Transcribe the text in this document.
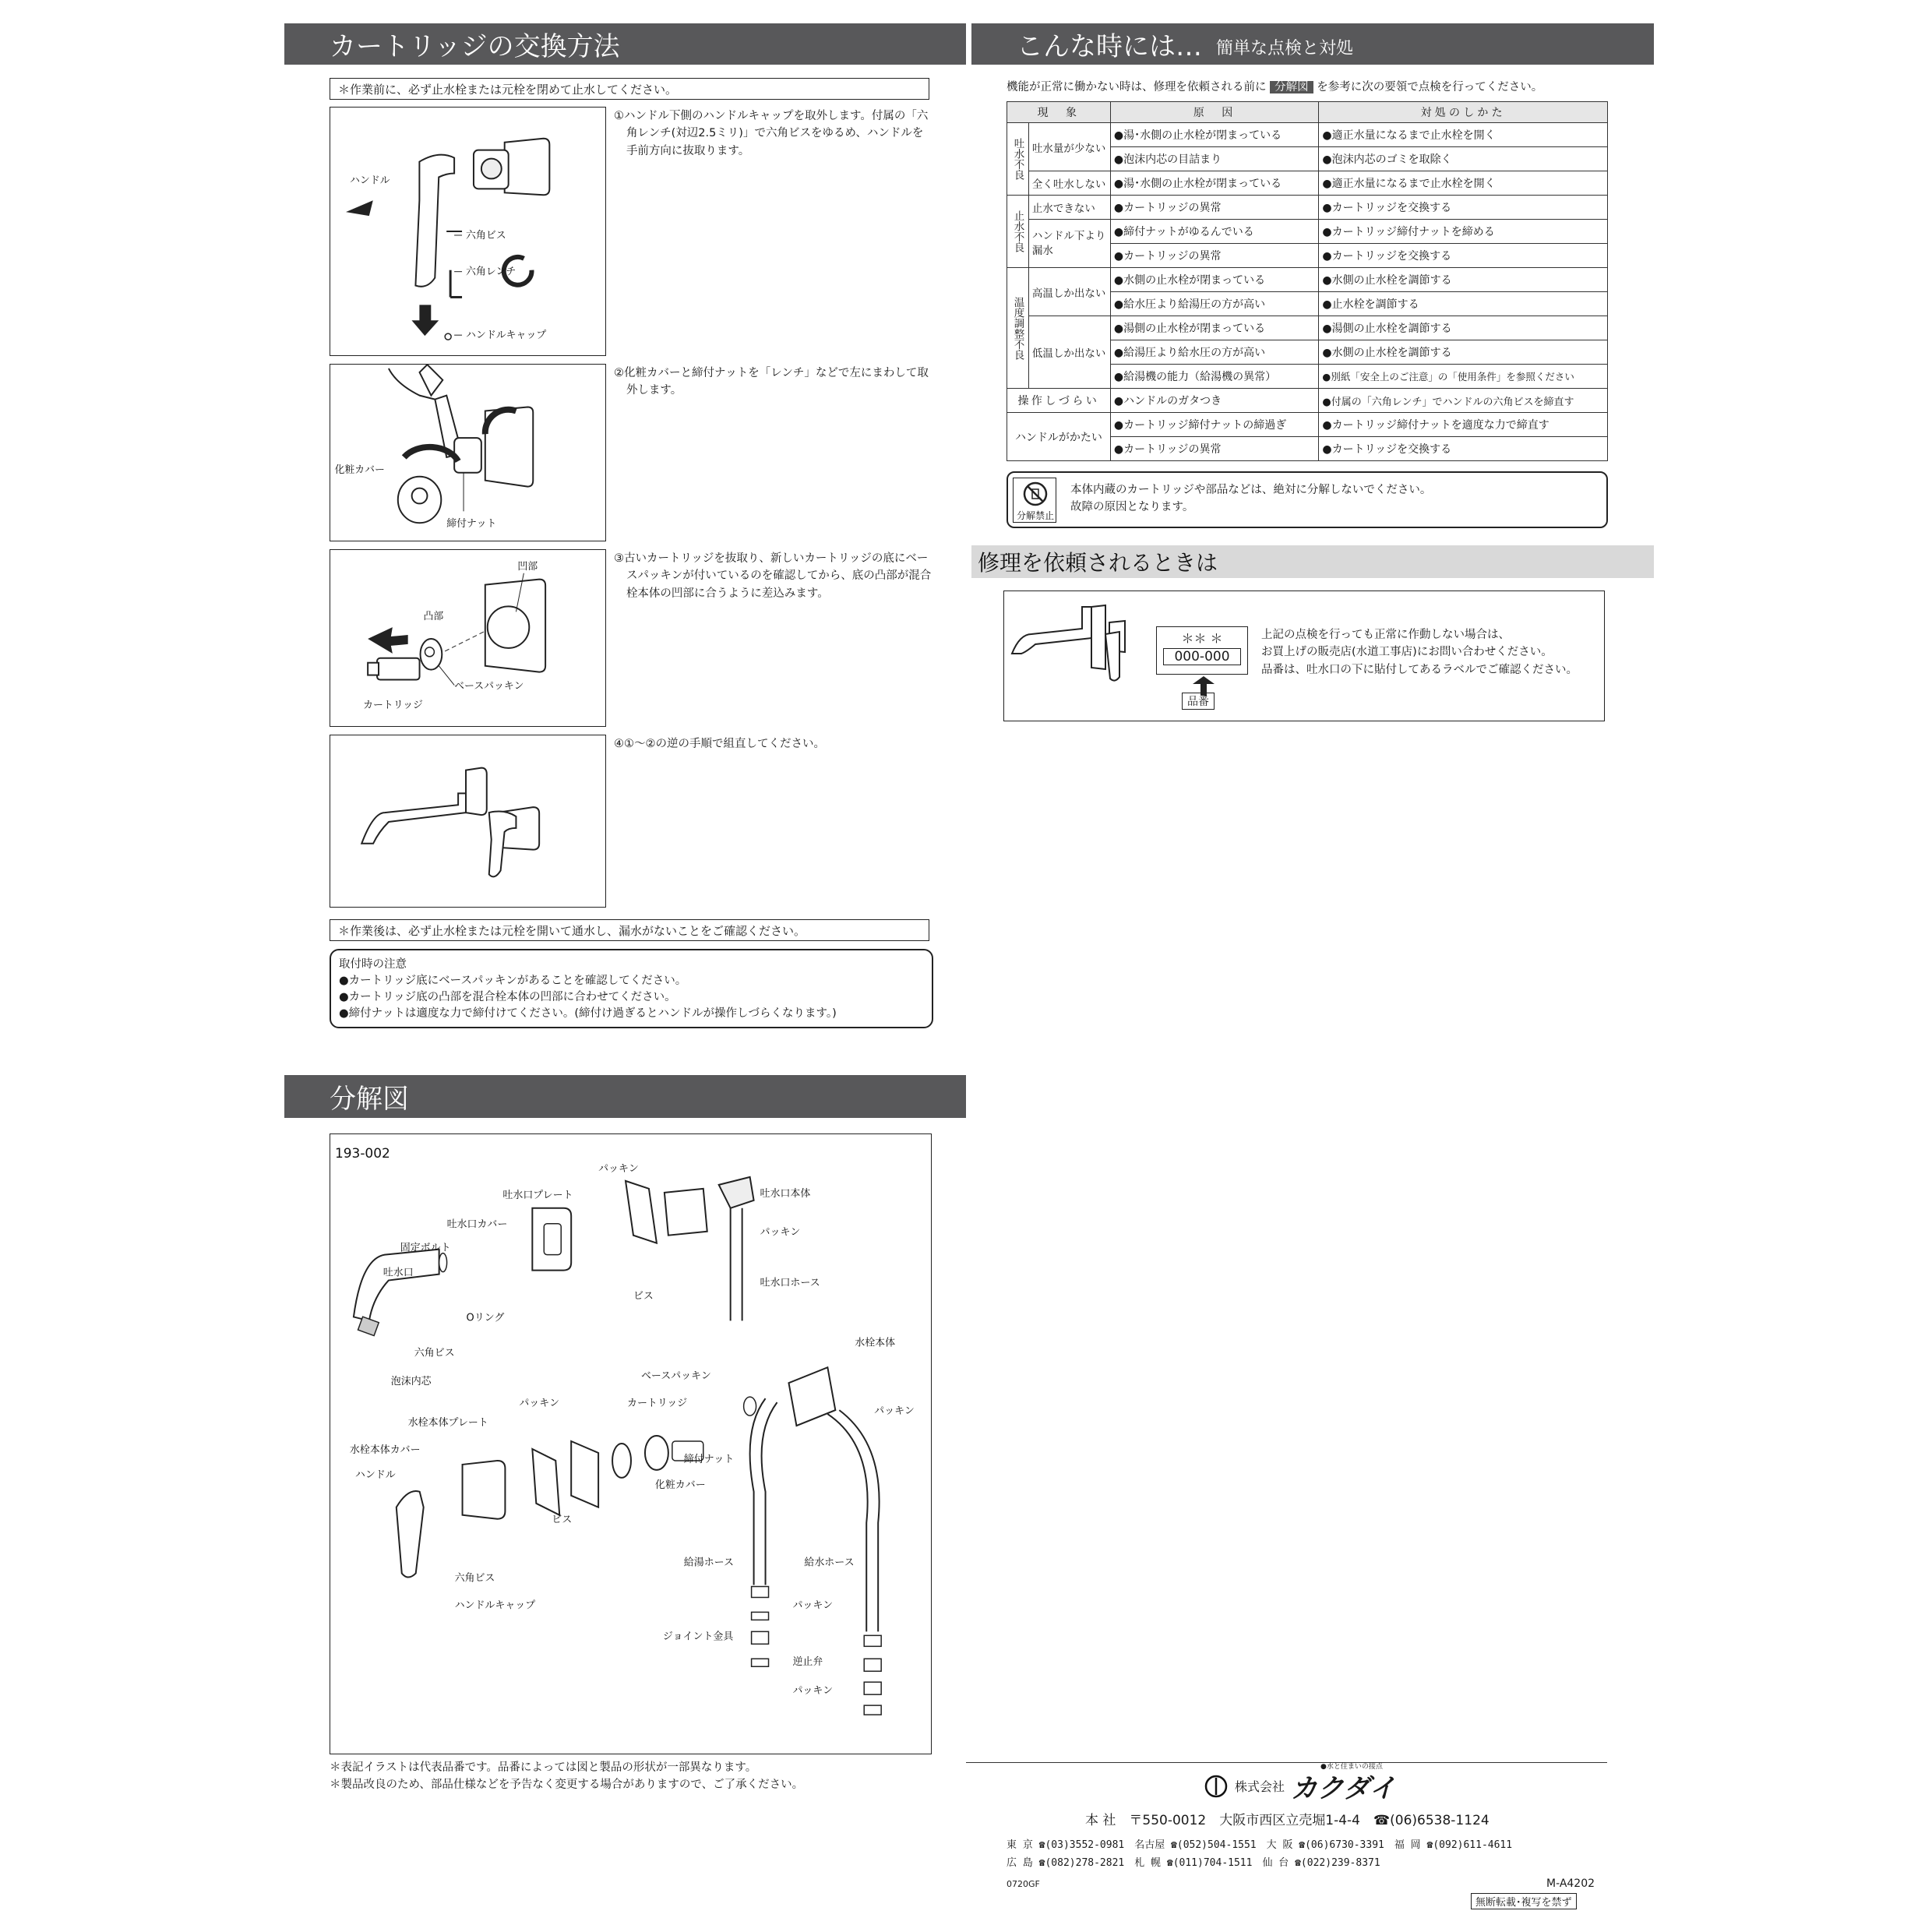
カートリッジの交換方法
＊作業前に、必ず止水栓または元栓を閉めて止水してください。
ハンドル
六角ビス
六角レンチ
ハンドルキャップ

①ハンドル下側のハンドルキャップを取外します。付属の「六角レンチ(対辺2.5ミリ)」で六角ビスをゆるめ、ハンドルを手前方向に抜取ります。

化粧カバー
締付ナット

②化粧カバーと締付ナットを「レンチ」などで左にまわして取外します。

凹部
凸部
ベースパッキン
カートリッジ

③古いカートリッジを抜取り、新しいカートリッジの底にベースパッキンが付いているのを確認してから、底の凸部が混合栓本体の凹部に合うように差込みます。

④①～②の逆の手順で組直してください。

＊作業後は、必ず止水栓または元栓を開いて通水し、漏水がないことをご確認ください。
取付時の注意
●カートリッジ底にベースパッキンがあることを確認してください。
●カートリッジ底の凸部を混合栓本体の凹部に合わせてください。
●締付ナットは適度な力で締付けてください。(締付け過ぎるとハンドルが操作しづらくなります。)
こんな時には… 簡単な点検と対処
機能が正常に働かない時は、修理を依頼される前に 分解図 を参考に次の要領で点検を行ってください。
現　象		原　因	対処のしかた
吐水不良	吐水量が少ない	●湯･水側の止水栓が閉まっている	●適正水量になるまで止水栓を開く
		●泡沫内芯の目詰まり	●泡沫内芯のゴミを取除く
	全く吐水しない	●湯･水側の止水栓が閉まっている	●適正水量になるまで止水栓を開く
止水不良	止水できない	●カートリッジの異常	●カートリッジを交換する
	ハンドル下より漏水	●締付ナットがゆるんでいる	●カートリッジ締付ナットを締める
		●カートリッジの異常	●カートリッジを交換する
温度調整不良	高温しか出ない	●水側の止水栓が閉まっている	●水側の止水栓を調節する
		●給水圧より給湯圧の方が高い	●止水栓を調節する
	低温しか出ない	●湯側の止水栓が閉まっている	●湯側の止水栓を調節する
		●給湯圧より給水圧の方が高い	●水側の止水栓を調節する
		●給湯機の能力（給湯機の異常）	●別紙「安全上のご注意」の「使用条件」を参照ください
操作しづらい		●ハンドルのガタつき	●付属の「六角レンチ」でハンドルの六角ビスを締直す
ハンドルがかたい		●カートリッジ締付ナットの締過ぎ	●カートリッジ締付ナットを適度な力で締直す
		●カートリッジの異常	●カートリッジを交換する
分解禁止
本体内蔵のカートリッジや部品などは、絶対に分解しないでください。
故障の原因となります。
修理を依頼されるときは
＊＊ ＊
000-000
品番
上記の点検を行っても正常に作動しない場合は、
お買上げの販売店(水道工事店)にお問い合わせください。
品番は、吐水口の下に貼付してあるラベルでご確認ください。
分解図
193-002
パッキン
吐水口プレート	吐水口本体
吐水口カバー
パッキン
固定ボルト
吐水口
ビス
吐水口ホース
Oリング
六角ビス
泡沫内芯
水栓本体
ベースパッキン
パッキン
パッキン	カートリッジ
水栓本体プレート
水栓本体カバー
ハンドル
締付ナット
化粧カバー
ビス
給湯ホース	給水ホース
六角ビス
ハンドルキャップ	パッキン
ジョイント金具
逆止弁
パッキン
＊表記イラストは代表品番です。品番によっては図と製品の形状が一部異なります。
＊製品改良のため、部品仕様などを予告なく変更する場合がありますので、ご了承ください。	株式会社 カクダイ
●水と住まいの接点
本 社　〒550-0012　大阪市西区立売堀1-4-4　☎(06)6538-1124
東 京 ☎(03)3552-0981　名古屋 ☎(052)504-1551　大 阪 ☎(06)6730-3391　福 岡 ☎(092)611-4611
広 島 ☎(082)278-2821　札 幌 ☎(011)704-1511　仙 台 ☎(022)239-8371
0720GF	M-A4202
無断転載･複写を禁ず
